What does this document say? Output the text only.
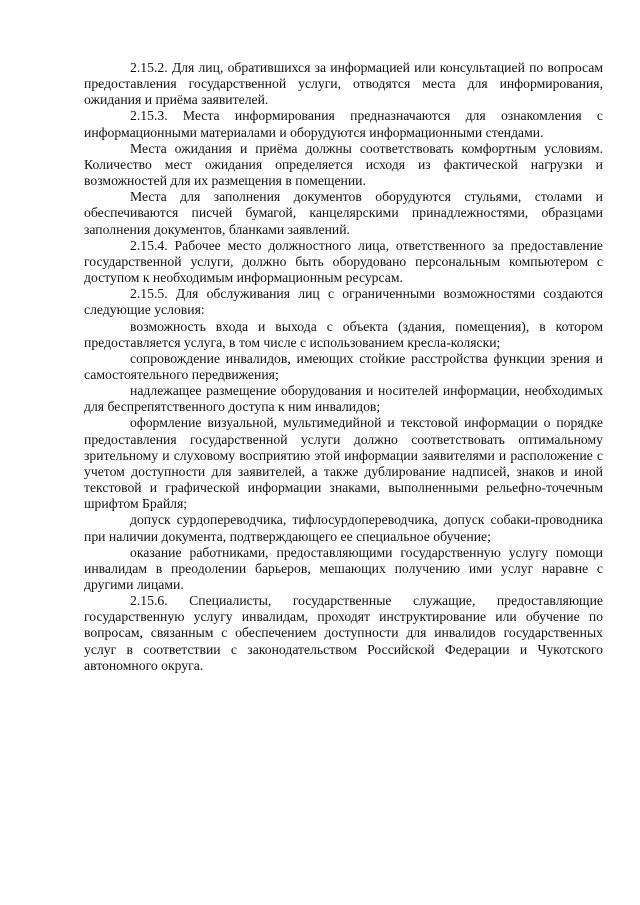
2.15.2. Для лиц, обратившихся за информацией или консультацией по вопросам предоставления государственной услуги, отводятся места для информирования, ожидания и приёма заявителей.

2.15.3. Места информирования предназначаются для ознакомления с информационными материалами и оборудуются информационными стендами.

Места ожидания и приёма должны соответствовать комфортным условиям. Количество мест ожидания определяется исходя из фактической нагрузки и возможностей для их размещения в помещении.

Места для заполнения документов оборудуются стульями, столами и обеспечиваются писчей бумагой, канцелярскими принадлежностями, образцами заполнения документов, бланками заявлений.

2.15.4. Рабочее место должностного лица, ответственного за предоставление государственной услуги, должно быть оборудовано персональным компьютером с доступом к необходимым информационным ресурсам.

2.15.5. Для обслуживания лиц с ограниченными возможностями создаются следующие условия:

возможность входа и выхода с объекта (здания, помещения), в котором предоставляется услуга, в том числе с использованием кресла-коляски;

сопровождение инвалидов, имеющих стойкие расстройства функции зрения и самостоятельного передвижения;

надлежащее размещение оборудования и носителей информации, необходимых для беспрепятственного доступа к ним инвалидов;

оформление визуальной, мультимедийной и текстовой информации о порядке предоставления государственной услуги должно соответствовать оптимальному зрительному и слуховому восприятию этой информации заявителями и расположение с учетом доступности для заявителей, а также дублирование надписей, знаков и иной текстовой и графической информации знаками, выполненными рельефно-точечным шрифтом Брайля;

допуск сурдопереводчика, тифлосурдопереводчика, допуск собаки-проводника при наличии документа, подтверждающего ее специальное обучение;

оказание работниками, предоставляющими государственную услугу помощи инвалидам в преодолении барьеров, мешающих получению ими услуг наравне с другими лицами.

2.15.6. Специалисты, государственные служащие, предоставляющие государственную услугу инвалидам, проходят инструктирование или обучение по вопросам, связанным с обеспечением доступности для инвалидов государственных услуг в соответствии с законодательством Российской Федерации и Чукотского автономного округа.
